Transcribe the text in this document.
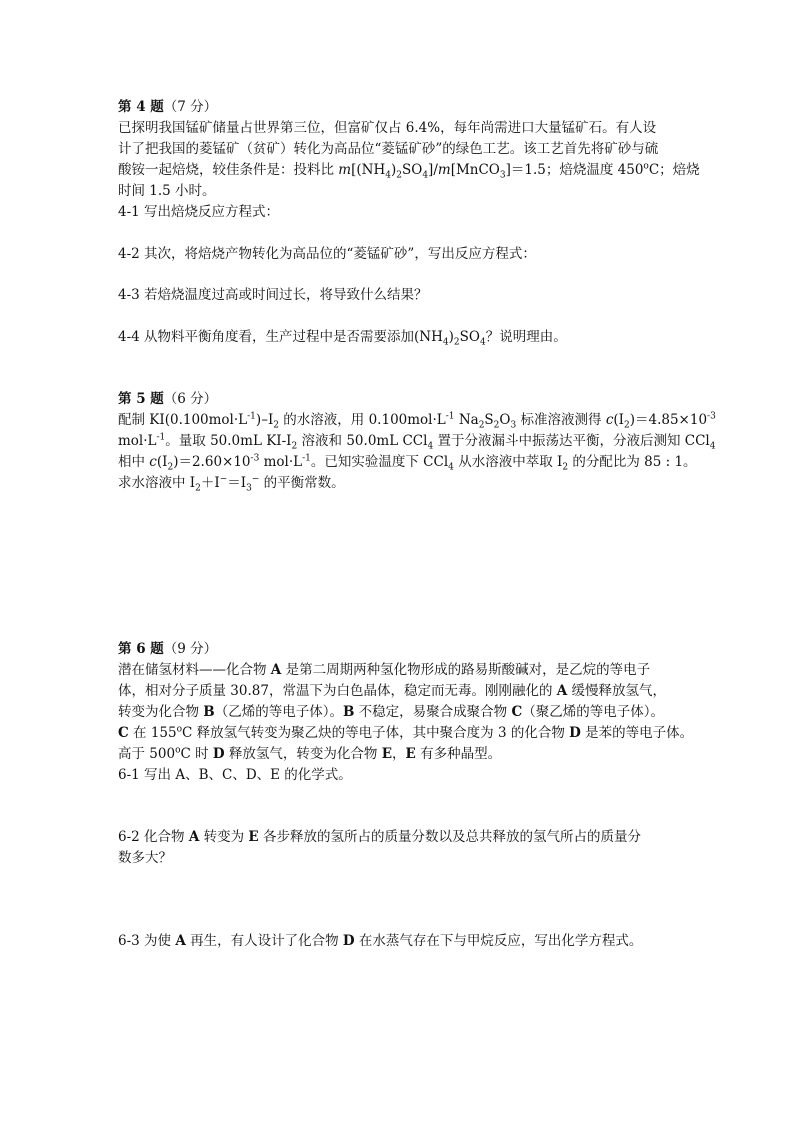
第 4 题（7 分）
已探明我国锰矿储量占世界第三位，但富矿仅占 6.4%，每年尚需进口大量锰矿石。有人设
计了把我国的菱锰矿（贫矿）转化为高品位“菱锰矿砂”的绿色工艺。该工艺首先将矿砂与硫
酸铵一起焙烧，较佳条件是：投料比 $m[(NH_4)_2SO_4]/m[MnCO_3]=1.5$；焙烧温度 450$^o$C；焙烧
时间 1.5 小时。
4-1 写出焙烧反应方程式：
4-2 其次，将焙烧产物转化为高品位的“菱锰矿砂”，写出反应方程式：
4-3 若焙烧温度过高或时间过长，将导致什么结果？
4-4 从物料平衡角度看，生产过程中是否需要添加$(NH_4)_2SO_4$？说明理由。
第 5 题（6 分）
配制 $KI(0.100mol\cdot L^{-1})-I_2$ 的水溶液，用 $0.100mol\cdot L^{-1}$ $Na_2S_2O_3$ 标准溶液测得 $c(I_2)=4.85\times 10^{-3}$
$mol\cdot L^{-1}$。量取 50.0mL $KI-I_2$ 溶液和 50.0mL CCl$_4$ 置于分液漏斗中振荡达平衡，分液后测知 CCl$_4$
相中 $c(I_2)=2.60\times 10^{-3}$ $mol\cdot L^{-1}$。已知实验温度下 CCl$_4$ 从水溶液中萃取 $I_2$ 的分配比为 85 : 1。
求水溶液中 $I_2+I^-=I_3^-$ 的平衡常数。
第 6 题（9 分）
潜在储氢材料——化合物 A 是第二周期两种氢化物形成的路易斯酸碱对，是乙烷的等电子
体，相对分子质量 30.87，常温下为白色晶体，稳定而无毒。刚刚融化的 A 缓慢释放氢气，
转变为化合物 B（乙烯的等电子体）。B 不稳定，易聚合成聚合物 C（聚乙烯的等电子体）。
C 在 155$^o$C 释放氢气转变为聚乙炔的等电子体，其中聚合度为 3 的化合物 D 是苯的等电子体。
高于 500$^o$C 时 D 释放氢气，转变为化合物 E，E 有多种晶型。
6-1 写出 A、B、C、D、E 的化学式。
6-2 化合物 A 转变为 E 各步释放的氢所占的质量分数以及总共释放的氢气所占的质量分
数多大？
6-3 为使 A 再生，有人设计了化合物 D 在水蒸气存在下与甲烷反应，写出化学方程式。
